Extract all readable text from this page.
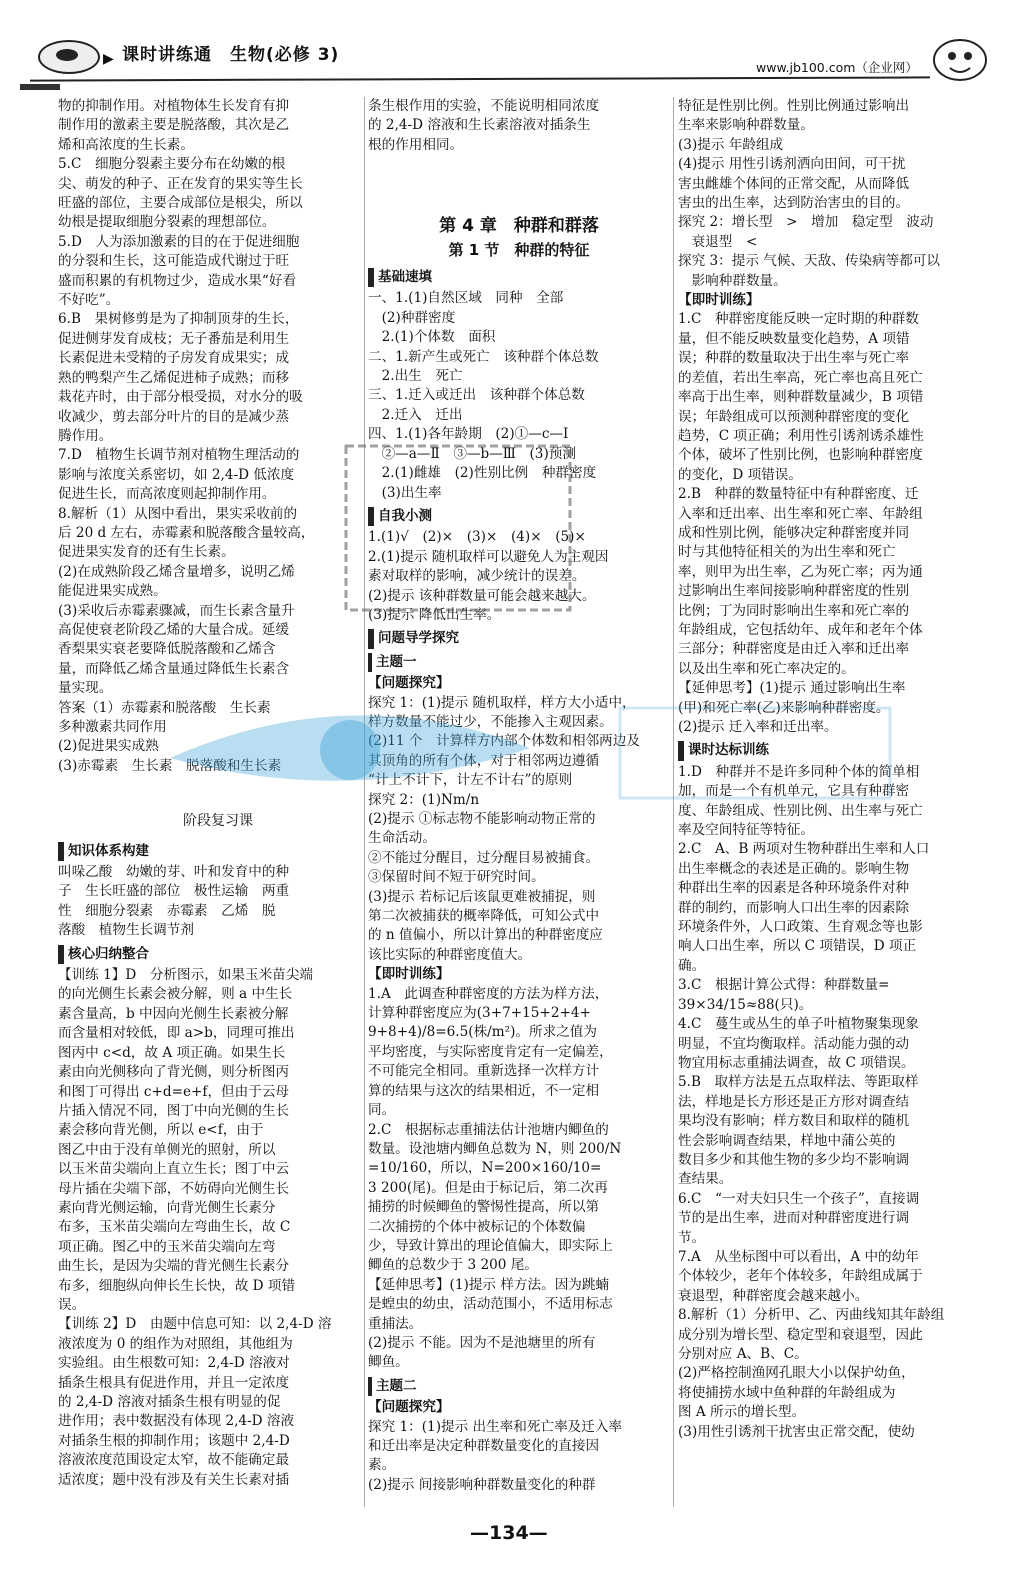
▶ 课时讲练通　生物(必修 3)
www.jb100.com（企业网）
物的抑制作用。对植物体生长发育有抑
制作用的激素主要是脱落酸，其次是乙
烯和高浓度的生长素。
5.C　细胞分裂素主要分布在幼嫩的根
尖、萌发的种子、正在发育的果实等生长
旺盛的部位，主要合成部位是根尖，所以
幼根是提取细胞分裂素的理想部位。
5.D　人为添加激素的目的在于促进细胞
的分裂和生长，这可能造成代谢过于旺
盛而积累的有机物过少，造成水果“好看
不好吃”。
6.B　果树修剪是为了抑制顶芽的生长，
促进侧芽发育成枝；无子番茄是利用生
长素促进未受精的子房发育成果实；成
熟的鸭梨产生乙烯促进柿子成熟；而移
栽花卉时，由于部分根受损，对水分的吸
收减少，剪去部分叶片的目的是减少蒸
腾作用。
7.D　植物生长调节剂对植物生理活动的
影响与浓度关系密切，如 2,4-D 低浓度
促进生长，而高浓度则起抑制作用。
8.解析（1）从图中看出，果实采收前的
后 20 d 左右，赤霉素和脱落酸含量较高，
促进果实发育的还有生长素。
(2)在成熟阶段乙烯含量增多，说明乙烯
能促进果实成熟。
(3)采收后赤霉素骤减，而生长素含量升
高促使衰老阶段乙烯的大量合成。延缓
香梨果实衰老要降低脱落酸和乙烯含
量，而降低乙烯含量通过降低生长素含
量实现。
答案（1）赤霉素和脱落酸　生长素
多种激素共同作用
(2)促进果实成熟
(3)赤霉素　生长素　脱落酸和生长素
阶段复习课
知识体系构建
叫哚乙酸　幼嫩的芽、叶和发育中的种
子　生长旺盛的部位　极性运输　两重
性　细胞分裂素　赤霉素　乙烯　脱
落酸　植物生长调节剂
核心归纳整合
【训练 1】D　分析图示，如果玉米苗尖端
的向光侧生长素会被分解，则 a 中生长
素含量高，b 中因向光侧生长素被分解
而含量相对较低，即 a>b，同理可推出
图丙中 c<d，故 A 项正确。如果生长
素由向光侧移向了背光侧，则分析图丙
和图丁可得出 c+d=e+f，但由于云母
片插入情况不同，图丁中向光侧的生长
素会移向背光侧，所以 e<f，由于
图乙中由于没有单侧光的照射，所以
以玉米苗尖端向上直立生长；图丁中云
母片插在尖端下部，不妨碍向光侧生长
素向背光侧运输，向背光侧生长素分
布多，玉米苗尖端向左弯曲生长，故 C
项正确。图乙中的玉米苗尖端向左弯
曲生长，是因为尖端的背光侧生长素分
布多，细胞纵向伸长生长快，故 D 项错
误。
【训练 2】D　由题中信息可知：以 2,4-D 溶
液浓度为 0 的组作为对照组，其他组为
实验组。由生根数可知：2,4-D 溶液对
插条生根具有促进作用，并且一定浓度
的 2,4-D 溶液对插条生根有明显的促
进作用；表中数据没有体现 2,4-D 溶液
对插条生根的抑制作用；该题中 2,4-D
溶液浓度范围设定太窄，故不能确定最
适浓度；题中没有涉及有关生长素对插
条生根作用的实验，不能说明相同浓度
的 2,4-D 溶液和生长素溶液对插条生
根的作用相同。
第 4 章　种群和群落
第 1 节　种群的特征
基础速填
一、1.(1)自然区域　同种　全部
　(2)种群密度
　2.(1)个体数　面积
二、1.新产生或死亡　该种群个体总数
　2.出生　死亡
三、1.迁入或迁出　该种群个体总数
　2.迁入　迁出
四、1.(1)各年龄期　(2)①—c—Ⅰ
　②—a—Ⅱ　③—b—Ⅲ　(3)预测
　2.(1)雌雄　(2)性别比例　种群密度
　(3)出生率
自我小测
1.(1)√　(2)×　(3)×　(4)×　(5)×
2.(1)提示 随机取样可以避免人为主观因
素对取样的影响，减少统计的误差。
(2)提示 该种群数量可能会越来越大。
(3)提示 降低出生率。
问题导学探究
主题一
【问题探究】
探究 1：(1)提示 随机取样，样方大小适中，
样方数量不能过少，不能掺入主观因素。
(2)11 个　计算样方内部个体数和相邻两边及
其顶角的所有个体，对于相邻两边遵循
“计上不计下，计左不计右”的原则
探究 2：(1)Nm/n
(2)提示 ①标志物不能影响动物正常的
生命活动。
②不能过分醒目，过分醒目易被捕食。
③保留时间不短于研究时间。
(3)提示 若标记后该鼠更难被捕捉，则
第二次被捕获的概率降低，可知公式中
的 n 值偏小，所以计算出的种群密度应
该比实际的种群密度值大。
【即时训练】
1.A　此调查种群密度的方法为样方法，
计算种群密度应为(3+7+15+2+4+
9+8+4)/8=6.5(株/m²)。所求之值为
平均密度，与实际密度肯定有一定偏差，
不可能完全相同。重新选择一次样方计
算的结果与这次的结果相近，不一定相
同。
2.C　根据标志重捕法估计池塘内鲫鱼的
数量。设池塘内鲫鱼总数为 N，则 200/N
=10/160，所以，N=200×160/10=
3 200(尾)。但是由于标记后，第二次再
捕捞的时候鲫鱼的警惕性提高，所以第
二次捕捞的个体中被标记的个体数偏
少，导致计算出的理论值偏大，即实际上
鲫鱼的总数少于 3 200 尾。
【延伸思考】(1)提示 样方法。因为跳蝻
是蝗虫的幼虫，活动范围小，不适用标志
重捕法。
(2)提示 不能。因为不是池塘里的所有
鲫鱼。
主题二
【问题探究】
探究 1：(1)提示 出生率和死亡率及迁入率
和迁出率是决定种群数量变化的直接因
素。
(2)提示 间接影响种群数量变化的种群
特征是性别比例。性别比例通过影响出
生率来影响种群数量。
(3)提示 年龄组成
(4)提示 用性引诱剂洒向田间，可干扰
害虫雌雄个体间的正常交配，从而降低
害虫的出生率，达到防治害虫的目的。
探究 2：增长型　>　增加　稳定型　波动
　衰退型　<
探究 3：提示 气候、天敌、传染病等都可以
　影响种群数量。
【即时训练】
1.C　种群密度能反映一定时期的种群数
量，但不能反映数量变化趋势，A 项错
误；种群的数量取决于出生率与死亡率
的差值，若出生率高，死亡率也高且死亡
率高于出生率，则种群数量减少，B 项错
误；年龄组成可以预测种群密度的变化
趋势，C 项正确；利用性引诱剂诱杀雄性
个体，破坏了性别比例，也影响种群密度
的变化，D 项错误。
2.B　种群的数量特征中有种群密度、迁
入率和迁出率、出生率和死亡率、年龄组
成和性别比例，能够决定种群密度并同
时与其他特征相关的为出生率和死亡
率，则甲为出生率，乙为死亡率；丙为通
过影响出生率间接影响种群密度的性别
比例；丁为同时影响出生率和死亡率的
年龄组成，它包括幼年、成年和老年个体
三部分；种群密度是由迁入率和迁出率
以及出生率和死亡率决定的。
【延伸思考】(1)提示 通过影响出生率
(甲)和死亡率(乙)来影响种群密度。
(2)提示 迁入率和迁出率。
课时达标训练
1.D　种群并不是许多同种个体的简单相
加，而是一个有机单元，它具有种群密
度、年龄组成、性别比例、出生率与死亡
率及空间特征等特征。
2.C　A、B 两项对生物种群出生率和人口
出生率概念的表述是正确的。影响生物
种群出生率的因素是各种环境条件对种
群的制约，而影响人口出生率的因素除
环境条件外，人口政策、生育观念等也影
响人口出生率，所以 C 项错误，D 项正
确。
3.C　根据计算公式得：种群数量=
39×34/15≈88(只)。
4.C　蔓生或丛生的单子叶植物聚集现象
明显，不宜均衡取样。活动能力强的动
物宜用标志重捕法调查，故 C 项错误。
5.B　取样方法是五点取样法、等距取样
法，样地是长方形还是正方形对调查结
果均没有影响；样方数目和取样的随机
性会影响调查结果，样地中蒲公英的
数目多少和其他生物的多少均不影响调
查结果。
6.C　“一对夫妇只生一个孩子”，直接调
节的是出生率，进而对种群密度进行调
节。
7.A　从坐标图中可以看出，A 中的幼年
个体较少，老年个体较多，年龄组成属于
衰退型，种群密度会越来越小。
8.解析（1）分析甲、乙、丙曲线知其年龄组
成分别为增长型、稳定型和衰退型，因此
分别对应 A、B、C。
(2)严格控制渔网孔眼大小以保护幼鱼，
将使捕捞水域中鱼种群的年龄组成为
图 A 所示的增长型。
(3)用性引诱剂干扰害虫正常交配，使幼
—134—
